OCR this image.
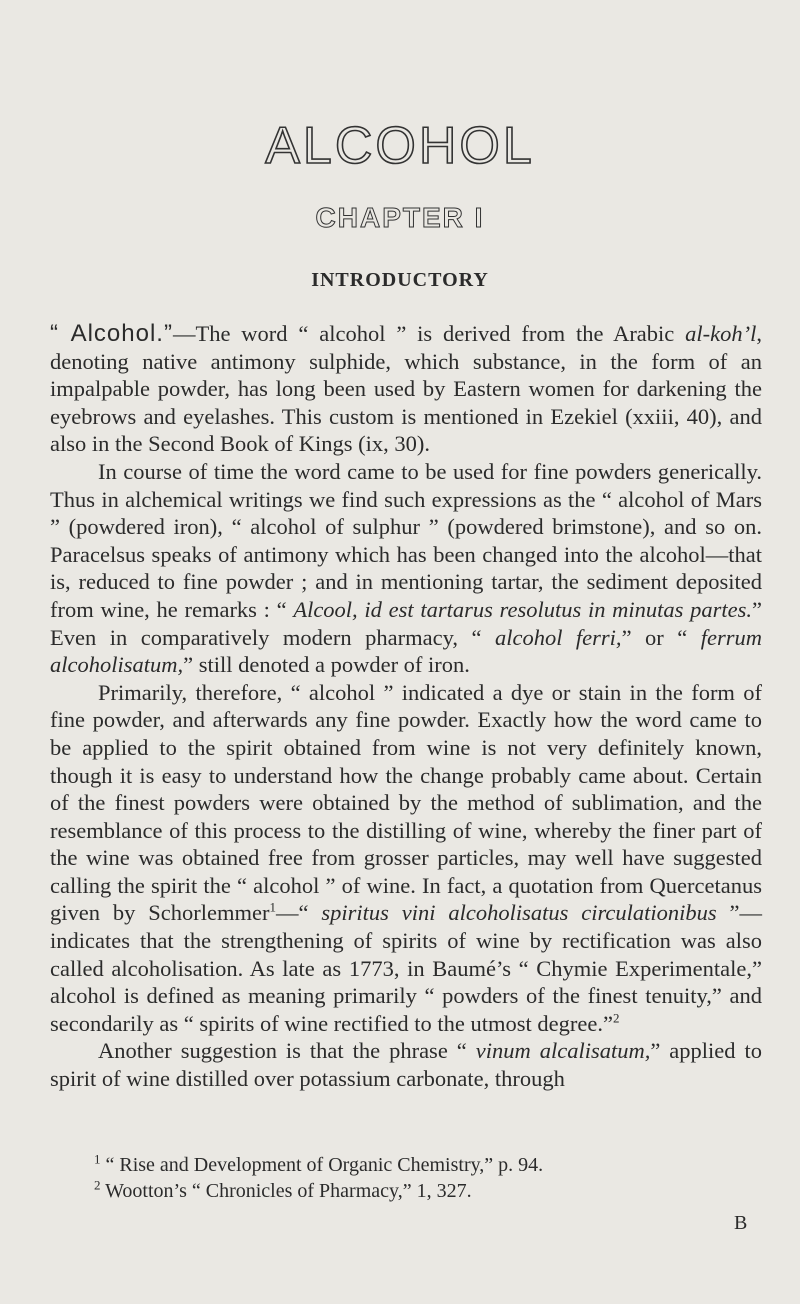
ALCOHOL
CHAPTER I
INTRODUCTORY

“ Alcohol.”—The word “ alcohol ” is derived from the Arabic al-koh’l, denoting native antimony sulphide, which substance, in the form of an impalpable powder, has long been used by Eastern women for darkening the eyebrows and eyelashes. This custom is mentioned in Ezekiel (xxiii, 40), and also in the Second Book of Kings (ix, 30).

In course of time the word came to be used for fine powders generically. Thus in alchemical writings we find such expressions as the “ alcohol of Mars ” (powdered iron), “ alcohol of sulphur ” (powdered brimstone), and so on. Paracelsus speaks of antimony which has been changed into the alcohol—that is, reduced to fine powder ; and in mentioning tartar, the sediment deposited from wine, he remarks : “ Alcool, id est tartarus resolutus in minutas partes.” Even in comparatively modern pharmacy, “ alcohol ferri,” or “ ferrum alcoholisatum,” still denoted a powder of iron.

Primarily, therefore, “ alcohol ” indicated a dye or stain in the form of fine powder, and afterwards any fine powder. Exactly how the word came to be applied to the spirit obtained from wine is not very definitely known, though it is easy to understand how the change probably came about. Certain of the finest powders were obtained by the method of sublimation, and the resemblance of this process to the distilling of wine, whereby the finer part of the wine was obtained free from grosser particles, may well have suggested calling the spirit the “ alcohol ” of wine. In fact, a quotation from Quercetanus given by Schorlemmer$^1$—“ spiritus vini alcoholisatus circulationibus ”—indicates that the strengthening of spirits of wine by rectification was also called alcoholisation. As late as 1773, in Baumé’s “ Chymie Experimentale,” alcohol is defined as meaning primarily “ powders of the finest tenuity,” and secondarily as “ spirits of wine rectified to the utmost degree.”$^2$

Another suggestion is that the phrase “ vinum alcalisatum,” applied to spirit of wine distilled over potassium carbonate, through

$^1$ “ Rise and Development of Organic Chemistry,” p. 94.

$^2$ Wootton’s “ Chronicles of Pharmacy,” 1, 327.

B
